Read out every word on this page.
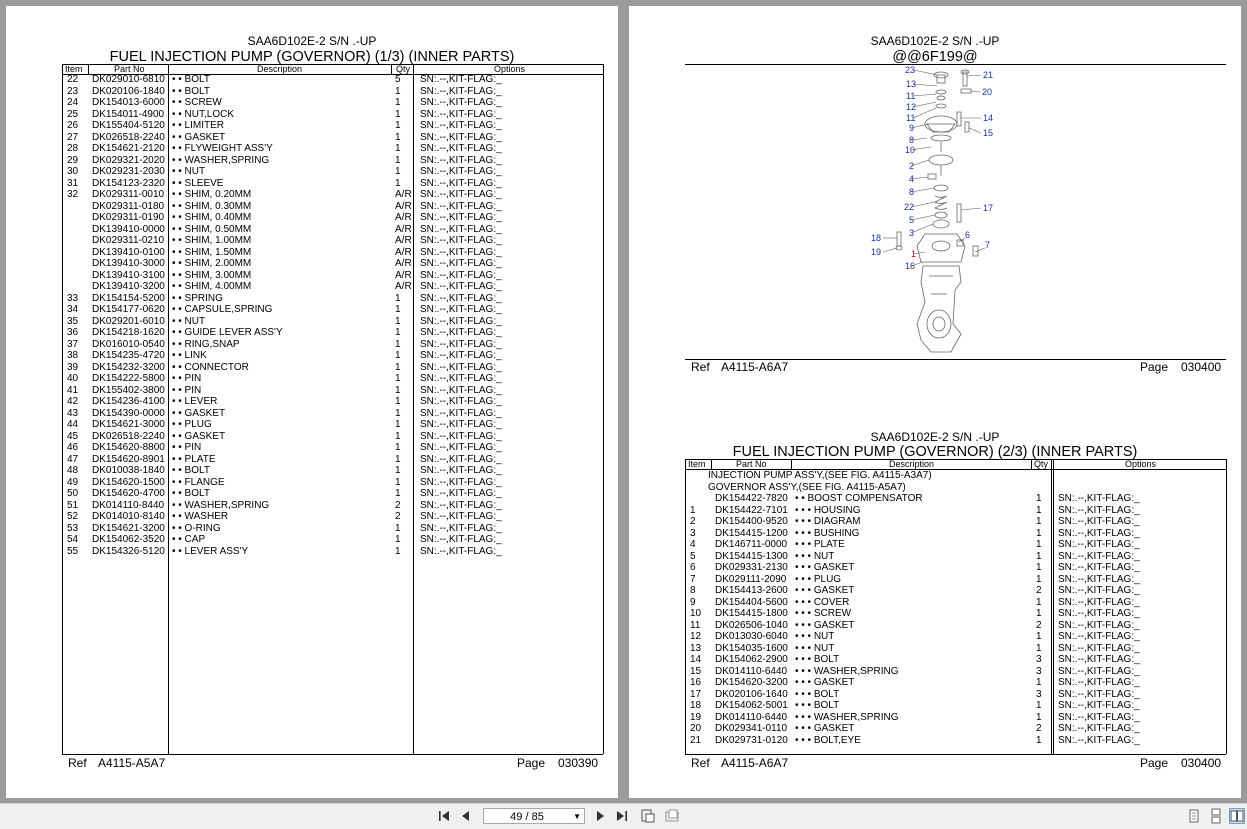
SAA6D102E-2 S/N .-UP
FUEL INJECTION PUMP (GOVERNOR) (1/3) (INNER PARTS)
Item	Part No	Description	Qty	Options
22 DK029010-6810 • • BOLT	5 SN:.--,KIT-FLAG:_
23 DK020106-1840 • • BOLT	1 SN:.--,KIT-FLAG:_
24 DK154013-6000 • • SCREW	1 SN:.--,KIT-FLAG:_
25 DK154011-4900 • • NUT,LOCK	1 SN:.--,KIT-FLAG:_
26 DK155404-5120 • • LIMITER	1 SN:.--,KIT-FLAG:_
27 DK026518-2240 • • GASKET	1 SN:.--,KIT-FLAG:_
28 DK154621-2120 • • FLYWEIGHT ASS'Y	1 SN:.--,KIT-FLAG:_
29 DK029321-2020 • • WASHER,SPRING	1 SN:.--,KIT-FLAG:_
30 DK029231-2030 • • NUT	1 SN:.--,KIT-FLAG:_
31 DK154123-2320 • • SLEEVE	1 SN:.--,KIT-FLAG:_
32 DK029311-0010 • • SHIM, 0.20MM	A/R SN:.--,KIT-FLAG:_
DK029311-0180 • • SHIM, 0.30MM	A/R SN:.--,KIT-FLAG:_
DK029311-0190 • • SHIM, 0.40MM	A/R SN:.--,KIT-FLAG:_
DK139410-0000 • • SHIM, 0.50MM	A/R SN:.--,KIT-FLAG:_
DK029311-0210 • • SHIM, 1.00MM	A/R SN:.--,KIT-FLAG:_
DK139410-0100 • • SHIM, 1.50MM	A/R SN:.--,KIT-FLAG:_
DK139410-3000 • • SHIM, 2.00MM	A/R SN:.--,KIT-FLAG:_
DK139410-3100 • • SHIM, 3.00MM	A/R SN:.--,KIT-FLAG:_
DK139410-3200 • • SHIM, 4.00MM	A/R SN:.--,KIT-FLAG:_
33 DK154154-5200 • • SPRING	1 SN:.--,KIT-FLAG:_
34 DK154177-0620 • • CAPSULE,SPRING	1 SN:.--,KIT-FLAG:_
35 DK029201-6010 • • NUT	1 SN:.--,KIT-FLAG:_
36 DK154218-1620 • • GUIDE LEVER ASS'Y	1 SN:.--,KIT-FLAG:_
37 DK016010-0540 • • RING,SNAP	1 SN:.--,KIT-FLAG:_
38 DK154235-4720 • • LINK	1 SN:.--,KIT-FLAG:_
39 DK154232-3200 • • CONNECTOR	1 SN:.--,KIT-FLAG:_
40 DK154222-5800 • • PIN	1 SN:.--,KIT-FLAG:_
41 DK155402-3800 • • PIN	1 SN:.--,KIT-FLAG:_
42 DK154236-4100 • • LEVER	1 SN:.--,KIT-FLAG:_
43 DK154390-0000 • • GASKET	1 SN:.--,KIT-FLAG:_
44 DK154621-3000 • • PLUG	1 SN:.--,KIT-FLAG:_
45 DK026518-2240 • • GASKET	1 SN:.--,KIT-FLAG:_
46 DK154620-8800 • • PIN	1 SN:.--,KIT-FLAG:_
47 DK154620-8901 • • PLATE	1 SN:.--,KIT-FLAG:_
48 DK010038-1840 • • BOLT	1 SN:.--,KIT-FLAG:_
49 DK154620-1500 • • FLANGE	1 SN:.--,KIT-FLAG:_
50 DK154620-4700 • • BOLT	1 SN:.--,KIT-FLAG:_
51 DK014110-8440 • • WASHER,SPRING	2 SN:.--,KIT-FLAG:_
52 DK014010-8140 • • WASHER	2 SN:.--,KIT-FLAG:_
53 DK154621-3200 • • O-RING	1 SN:.--,KIT-FLAG:_
54 DK154062-3520 • • CAP	1 SN:.--,KIT-FLAG:_
55 DK154326-5120 • • LEVER ASS'Y	1 SN:.--,KIT-FLAG:_
Ref A4115-A5A7	Page 030390
SAA6D102E-2 S/N .-UP
@@6F199@
23	21
13
20
11
12
11	14
9	15
8
10
2
4
8
22	17
5
3	6
7
18
19	1
16
Ref A4115-A6A7	Page 030400
SAA6D102E-2 S/N .-UP
FUEL INJECTION PUMP (GOVERNOR) (2/3) (INNER PARTS)
Item	Part No	Description	Qty	Options
INJECTION PUMP ASS'Y,(SEE FIG. A4115-A3A7)
GOVERNOR ASS'Y,(SEE FIG. A4115-A5A7)
DK154422-7820 • • BOOST COMPENSATOR	1 SN:.--,KIT-FLAG:_
1 DK154422-7101 • • • HOUSING	1 SN:.--,KIT-FLAG:_
2 DK154400-9520 • • • DIAGRAM	1 SN:.--,KIT-FLAG:_
3 DK154415-1200 • • • BUSHING	1 SN:.--,KIT-FLAG:_
4 DK146711-0000 • • • PLATE	1 SN:.--,KIT-FLAG:_
5 DK154415-1300 • • • NUT	1 SN:.--,KIT-FLAG:_
6 DK029331-2130 • • • GASKET	1 SN:.--,KIT-FLAG:_
7 DK029111-2090 • • • PLUG	1 SN:.--,KIT-FLAG:_
8 DK154413-2600 • • • GASKET	2 SN:.--,KIT-FLAG:_
9 DK154404-5600 • • • COVER	1 SN:.--,KIT-FLAG:_
10 DK154415-1800 • • • SCREW	1 SN:.--,KIT-FLAG:_
11 DK026506-1040 • • • GASKET	2 SN:.--,KIT-FLAG:_
12 DK013030-6040 • • • NUT	1 SN:.--,KIT-FLAG:_
13 DK154035-1600 • • • NUT	1 SN:.--,KIT-FLAG:_
14 DK154062-2900 • • • BOLT	3 SN:.--,KIT-FLAG:_
15 DK014110-6440 • • • WASHER,SPRING	3 SN:.--,KIT-FLAG:_
16 DK154620-3200 • • • GASKET	1 SN:.--,KIT-FLAG:_
17 DK020106-1640 • • • BOLT	3 SN:.--,KIT-FLAG:_
18 DK154062-5001 • • • BOLT	1 SN:.--,KIT-FLAG:_
19 DK014110-6440 • • • WASHER,SPRING	1 SN:.--,KIT-FLAG:_
20 DK029341-0110 • • • GASKET	2 SN:.--,KIT-FLAG:_
21 DK029731-0120 • • • BOLT,EYE	1 SN:.--,KIT-FLAG:_
Ref A4115-A6A7	Page 030400
49 / 85	▼
